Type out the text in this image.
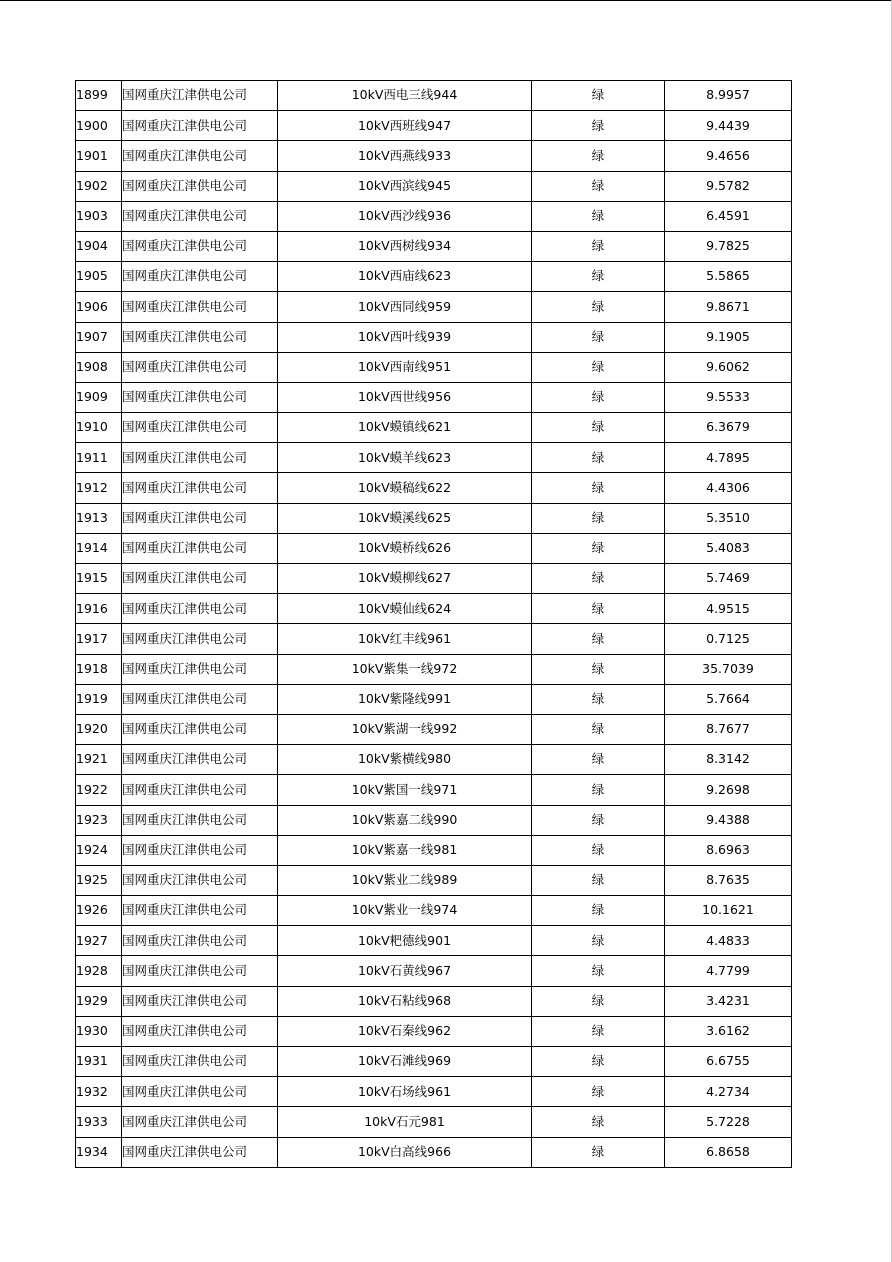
1899	国网重庆江津供电公司	10kV西电三线944	绿	8.9957
1900	国网重庆江津供电公司	10kV西班线947	绿	9.4439
1901	国网重庆江津供电公司	10kV西燕线933	绿	9.4656
1902	国网重庆江津供电公司	10kV西滨线945	绿	9.5782
1903	国网重庆江津供电公司	10kV西沙线936	绿	6.4591
1904	国网重庆江津供电公司	10kV西树线934	绿	9.7825
1905	国网重庆江津供电公司	10kV西庙线623	绿	5.5865
1906	国网重庆江津供电公司	10kV西同线959	绿	9.8671
1907	国网重庆江津供电公司	10kV西叶线939	绿	9.1905
1908	国网重庆江津供电公司	10kV西南线951	绿	9.6062
1909	国网重庆江津供电公司	10kV西世线956	绿	9.5533
1910	国网重庆江津供电公司	10kV蟆镇线621	绿	6.3679
1911	国网重庆江津供电公司	10kV蟆羊线623	绿	4.7895
1912	国网重庆江津供电公司	10kV蟆稿线622	绿	4.4306
1913	国网重庆江津供电公司	10kV蟆溪线625	绿	5.3510
1914	国网重庆江津供电公司	10kV蟆桥线626	绿	5.4083
1915	国网重庆江津供电公司	10kV蟆柳线627	绿	5.7469
1916	国网重庆江津供电公司	10kV蟆仙线624	绿	4.9515
1917	国网重庆江津供电公司	10kV红丰线961	绿	0.7125
1918	国网重庆江津供电公司	10kV紫集一线972	绿	35.7039
1919	国网重庆江津供电公司	10kV紫隆线991	绿	5.7664
1920	国网重庆江津供电公司	10kV紫湖一线992	绿	8.7677
1921	国网重庆江津供电公司	10kV紫横线980	绿	8.3142
1922	国网重庆江津供电公司	10kV紫国一线971	绿	9.2698
1923	国网重庆江津供电公司	10kV紫嘉二线990	绿	9.4388
1924	国网重庆江津供电公司	10kV紫嘉一线981	绿	8.6963
1925	国网重庆江津供电公司	10kV紫业二线989	绿	8.7635
1926	国网重庆江津供电公司	10kV紫业一线974	绿	10.1621
1927	国网重庆江津供电公司	10kV粑德线901	绿	4.4833
1928	国网重庆江津供电公司	10kV石黄线967	绿	4.7799
1929	国网重庆江津供电公司	10kV石粘线968	绿	3.4231
1930	国网重庆江津供电公司	10kV石秦线962	绿	3.6162
1931	国网重庆江津供电公司	10kV石滩线969	绿	6.6755
1932	国网重庆江津供电公司	10kV石场线961	绿	4.2734
1933	国网重庆江津供电公司	10kV石元981	绿	5.7228
1934	国网重庆江津供电公司	10kV白高线966	绿	6.8658
